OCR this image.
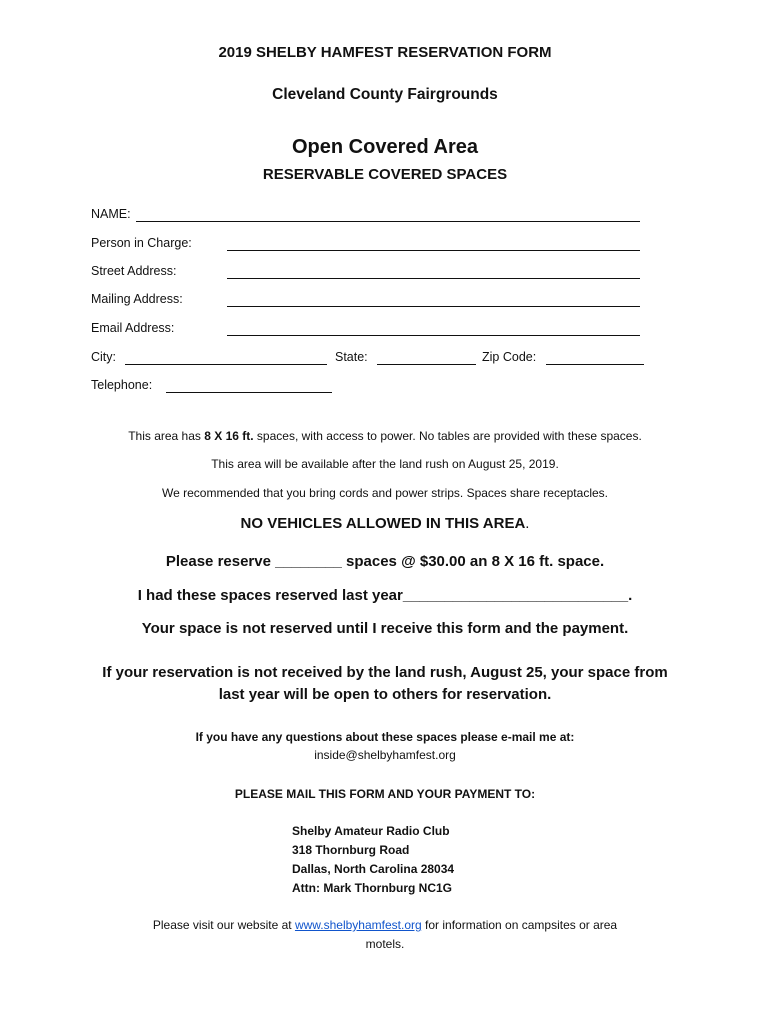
2019 SHELBY HAMFEST RESERVATION FORM
Cleveland County Fairgrounds
Open Covered Area
RESERVABLE COVERED SPACES
NAME:
Person in Charge:
Street Address:
Mailing Address:
Email Address:
City:	State:	Zip Code:
Telephone:
This area has 8 X 16 ft. spaces, with access to power. No tables are provided with these spaces.
This area will be available after the land rush on August 25, 2019.
We recommended that you bring cords and power strips. Spaces share receptacles.
NO VEHICLES ALLOWED IN THIS AREA.
Please reserve ________ spaces @ $30.00 an 8 X 16 ft. space.
I had these spaces reserved last year___________________________.
Your space is not reserved until I receive this form and the payment.
If your reservation is not received by the land rush, August 25, your space from
last year will be open to others for reservation.
If you have any questions about these spaces please e-mail me at:
inside@shelbyhamfest.org
PLEASE MAIL THIS FORM AND YOUR PAYMENT TO:
Shelby Amateur Radio Club
318 Thornburg Road
Dallas, North Carolina 28034
Attn: Mark Thornburg NC1G
Please visit our website at www.shelbyhamfest.org for information on campsites or area
motels.
